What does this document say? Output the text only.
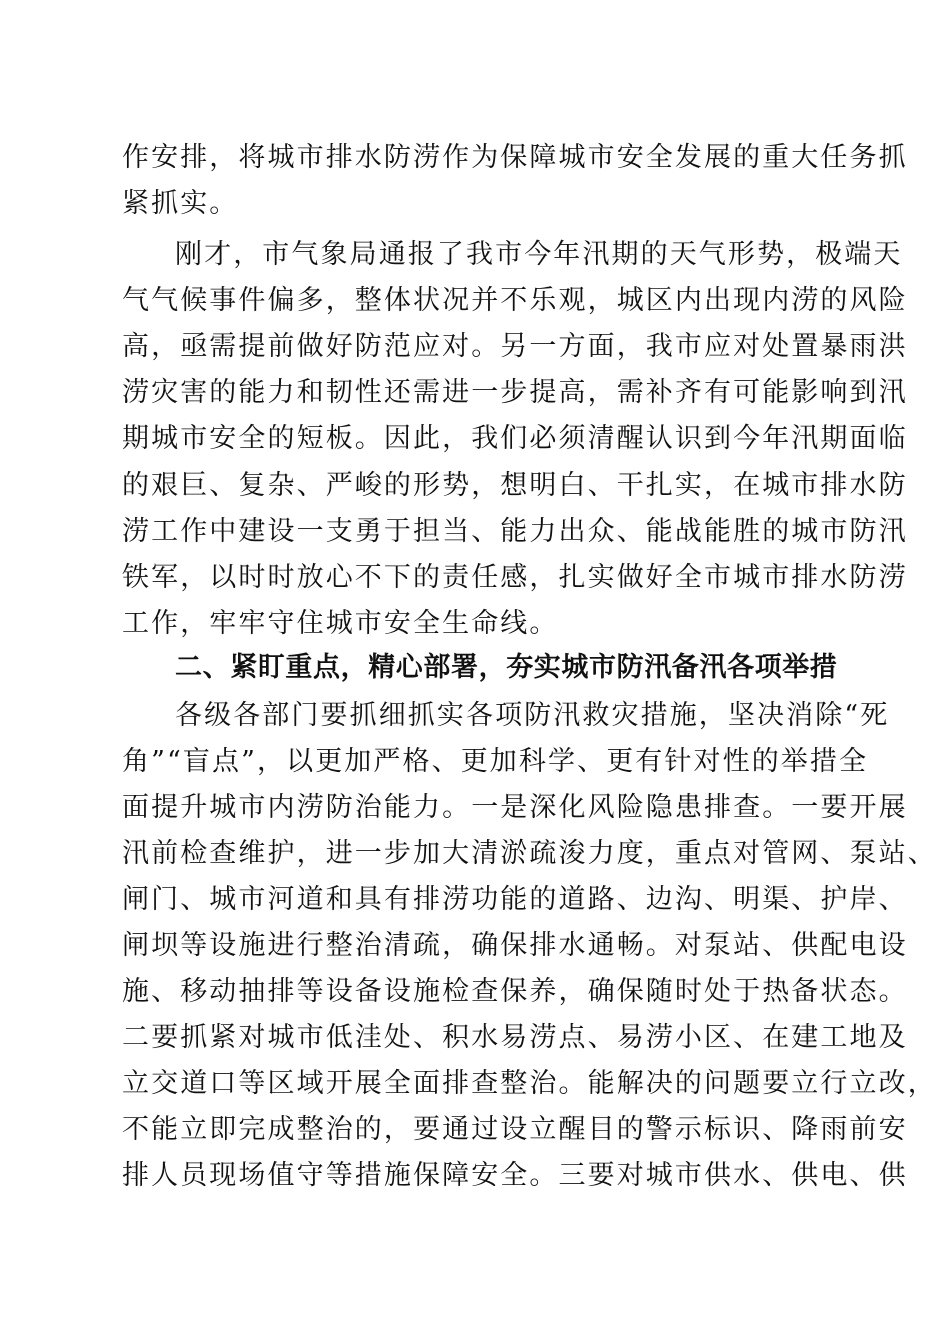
作安排，将城市排水防涝作为保障城市安全发展的重大任务抓
紧抓实。
刚才，市气象局通报了我市今年汛期的天气形势，极端天
气气候事件偏多，整体状况并不乐观，城区内出现内涝的风险
高，亟需提前做好防范应对。另一方面，我市应对处置暴雨洪
涝灾害的能力和韧性还需进一步提高，需补齐有可能影响到汛
期城市安全的短板。因此，我们必须清醒认识到今年汛期面临
的艰巨、复杂、严峻的形势，想明白、干扎实，在城市排水防
涝工作中建设一支勇于担当、能力出众、能战能胜的城市防汛
铁军，以时时放心不下的责任感，扎实做好全市城市排水防涝
工作，牢牢守住城市安全生命线。
二、紧盯重点，精心部署，夯实城市防汛备汛各项举措
各级各部门要抓细抓实各项防汛救灾措施，坚决消除“死
角”“盲点”，以更加严格、更加科学、更有针对性的举措全
面提升城市内涝防治能力。一是深化风险隐患排查。一要开展
汛前检查维护，进一步加大清淤疏浚力度，重点对管网、泵站、
闸门、城市河道和具有排涝功能的道路、边沟、明渠、护岸、
闸坝等设施进行整治清疏，确保排水通畅。对泵站、供配电设
施、移动抽排等设备设施检查保养，确保随时处于热备状态。
二要抓紧对城市低洼处、积水易涝点、易涝小区、在建工地及
立交道口等区域开展全面排查整治。能解决的问题要立行立改，
不能立即完成整治的，要通过设立醒目的警示标识、降雨前安
排人员现场值守等措施保障安全。三要对城市供水、供电、供
